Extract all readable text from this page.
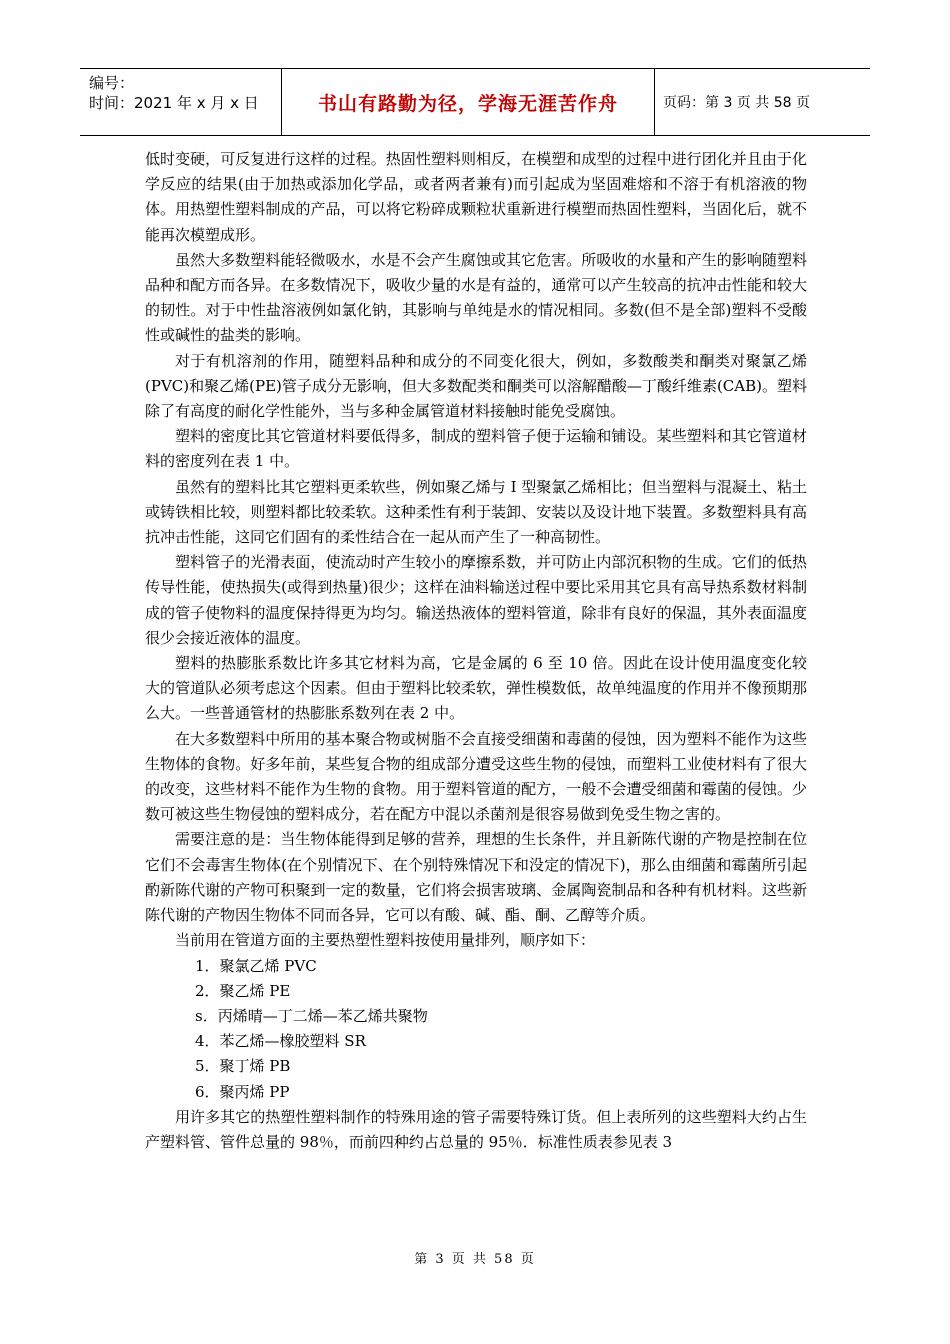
编号：
时间：2021 年 x 月 x 日	书山有路勤为径，学海无涯苦作舟	页码：第 3 页 共 58 页

低时变硬，可反复进行这样的过程。热固性塑料则相反，在模塑和成型的过程中进行团化并且由于化学反应的结果(由于加热或添加化学品，或者两者兼有)而引起成为坚固难熔和不溶于有机溶液的物体。用热塑性塑料制成的产品，可以将它粉碎成颗粒状重新进行模塑而热固性塑料，当固化后，就不能再次模塑成形。

虽然大多数塑料能轻微吸水，水是不会产生腐蚀或其它危害。所吸收的水量和产生的影响随塑料品种和配方而各异。在多数情况下，吸收少量的水是有益的，通常可以产生较高的抗冲击性能和较大的韧性。对于中性盐溶液例如氯化钠，其影响与单纯是水的情况相同。多数(但不是全部)塑料不受酸性或碱性的盐类的影响。

对于有机溶剂的作用，随塑料品种和成分的不同变化很大，例如，多数酸类和酮类对聚氯乙烯(PVC)和聚乙烯(PE)管子成分无影响，但大多数配类和酮类可以溶解醋酸—丁酸纤维素(CAB)。塑料除了有高度的耐化学性能外，当与多种金属管道材料接触时能免受腐蚀。

塑料的密度比其它管道材料要低得多，制成的塑料管子便于运输和铺设。某些塑料和其它管道材料的密度列在表 1 中。

虽然有的塑料比其它塑料更柔软些，例如聚乙烯与 I 型聚氯乙烯相比；但当塑料与混凝土、粘土或铸铁相比较，则塑料都比较柔软。这种柔性有利于装卸、安装以及设计地下装置。多数塑料具有高抗冲击性能，这同它们固有的柔性结合在一起从而产生了一种高韧性。

塑料管子的光滑表面，使流动时产生较小的摩擦系数，并可防止内部沉积物的生成。它们的低热传导性能，使热损失(或得到热量)很少；这样在油料输送过程中要比采用其它具有高导热系数材料制成的管子使物料的温度保持得更为均匀。输送热液体的塑料管道，除非有良好的保温，其外表面温度很少会接近液体的温度。

塑料的热膨胀系数比许多其它材料为高，它是金属的 6 至 10 倍。因此在设计使用温度变化较大的管道队必须考虑这个因素。但由于塑料比较柔软，弹性模数低，故单纯温度的作用并不像预期那么大。一些普通管材的热膨胀系数列在表 2 中。

在大多数塑料中所用的基本聚合物或树脂不会直接受细菌和毒菌的侵蚀，因为塑料不能作为这些生物体的食物。好多年前，某些复合物的组成部分遭受这些生物的侵蚀，而塑料工业使材料有了很大的改变，这些材料不能作为生物的食物。用于塑料管道的配方，一般不会遭受细菌和霉菌的侵蚀。少数可被这些生物侵蚀的塑料成分，若在配方中混以杀菌剂是很容易做到免受生物之害的。

需要注意的是：当生物体能得到足够的营养，理想的生长条件，并且新陈代谢的产物是控制在位它们不会毒害生物体(在个别情况下、在个别特殊情况下和没定的情况下)，那么由细菌和霉菌所引起酌新陈代谢的产物可积聚到一定的数量，它们将会损害玻璃、金属陶瓷制品和各种有机材料。这些新陈代谢的产物因生物体不同而各异，它可以有酸、碱、酯、酮、乙醇等介质。

当前用在管道方面的主要热塑性塑料按使用量排列，顺序如下：

1．聚氯乙烯 PVC

2．聚乙烯 PE

s．丙烯晴—丁二烯—苯乙烯共聚物

4．苯乙烯—橡胶塑料 SR

5．聚丁烯 PB

6．聚丙烯 PP

用许多其它的热塑性塑料制作的特殊用途的管子需要特殊订货。但上表所列的这些塑料大约占生产塑料管、管件总量的 98％，而前四种约占总量的 95％．标准性质表参见表 3

第 3 页 共 58 页
